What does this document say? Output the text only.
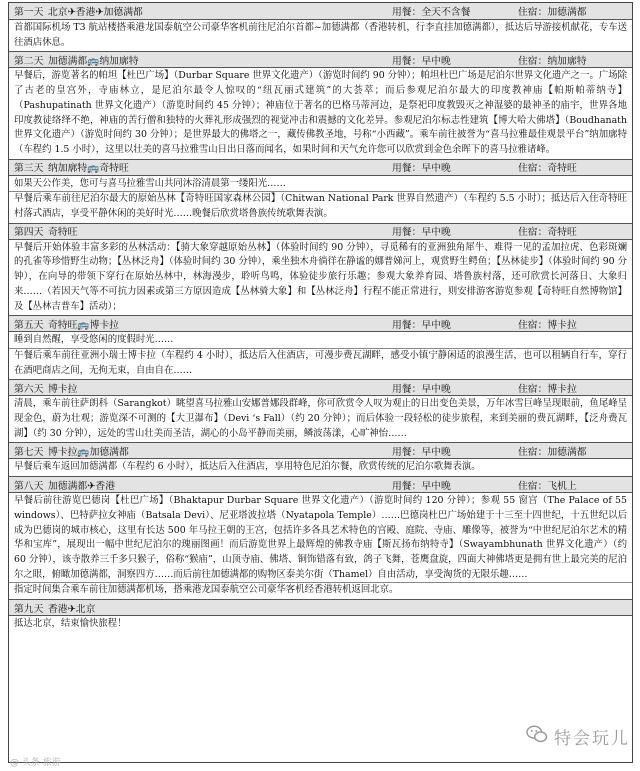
第一天 北京✈香港✈加德满都	用餐：全天不含餐	住宿：加德满都

首都国际机场 T3 航站楼搭乘港龙国泰航空公司豪华客机前往尼泊尔首都~加德满都（香港转机，行李直挂加德满都），抵达后导游接机献花，专车送往酒店休息。

第二天 加德满都🚌纳加廓特	用餐：早中晚	住宿：纳加廓特

早餐后，游览著名的帕坦【杜巴广场】（Durbar Square 世界文化遗产）（游览时间约 90 分钟）；帕坦杜巴广场是尼泊尔世界文化遗产之一。广场除了古老的皇宫外，寺庙林立，是尼泊尔最令人惊叹的“纽瓦丽式建筑”的大荟萃；而后参观尼泊尔最大的印度教神庙【帕斯帕蒂纳寺】（Pashupatinath 世界文化遗产）（游览时间约 45 分钟）；神庙位于著名的巴格马蒂河边，是祭祀印度教毁灭之神湿婆的最神圣的庙宇，世界各地印度教徒络绎不绝，神庙的苦行僧和独特的火葬礼形成强烈的视觉冲击和震撼的文化差异。参观尼泊尔标志性建筑【博大哈大佛塔】（Boudhanath 世界文化遗产）（游览时间约 30 分钟）；是世界最大的佛塔之一，藏传佛教圣地，号称“小西藏”。乘车前往被誉为“喜马拉雅最佳观景平台”纳加廓特（车程约 1.5 小时），这里以壮美的喜马拉雅雪山日出日落而闻名，如果时间和天气允许您可以欣赏到金色余晖下的喜马拉雅诸峰。

第三天 纳加廓特🚌奇特旺	用餐：早中晚	住宿：奇特旺

如果天公作美，您可与喜马拉雅雪山共同沐浴清晨第一缕阳光……

早餐后乘车前往尼泊尔最大的原始丛林【奇特旺国家森林公园】（Chitwan National Park 世界自然遗产）（车程约 5.5 小时）；抵达后入住奇特旺村落式酒店，享受平静休闲的美好时光……晚餐后欣赏塔鲁族传统歌舞表演。

第四天 奇特旺	用餐：早中晚	住宿：奇特旺

早餐后开始体验丰富多彩的丛林活动：【骑大象穿越原始丛林】（体验时间约 90 分钟），寻觅稀有的亚洲独角犀牛、难得一见的孟加拉虎、色彩斑斓的孔雀等珍惜野生动物；【丛林泛舟】（体验时间约 30 分钟），乘坐独木舟徜徉在静谧的娜普娣河上，观赏野生鳄鱼；【丛林徒步】（体验时间约 90 分钟），在向导的带领下穿行在原始丛林中，林海漫步，聆听鸟鸣，体验徒步旅行乐趣；参观大象养育园、塔鲁族村落，还可欣赏长河落日、大象归来……（若因天气等不可抗力因素或第三方原因造成【丛林骑大象】和【丛林泛舟】行程不能正常进行，则安排游客游览参观【奇特旺自然博物馆】及【丛林吉普车】活动）；

第五天 奇特旺🚌博卡拉	用餐：早中晚	住宿：博卡拉

睡到自然醒，享受悠闲的度假时光……

午餐后乘车前往亚洲小瑞士博卡拉（车程约 4 小时），抵达后入住酒店，可漫步费瓦湖畔，感受小镇宁静闲适的浪漫生活，也可以租辆自行车，穿行在酒吧商店之间，无拘无束，自由自在……

第六天 博卡拉	用餐：早中晚	住宿：博卡拉

清晨，乘车前往萨朗科（Sarangkot）眺望喜马拉雅山安娜普娜段群峰，你可欣赏令人叹为观止的日出变色美景，万年冰雪巨峰呈现眼前，鱼尾峰呈现金色，蔚为壮观；游览深不可测的【大卫瀑布】（Devi ‘s Fall）（约 20 分钟）；而后体验一段轻松的徒步旅程，来到美丽的费瓦湖畔，【泛舟费瓦湖】（约 30 分钟），远处的雪山壮美而圣洁，湖心的小岛平静而美丽，鳞波荡漾，心旷神怡……

第七天 博卡拉🚌加德满都	用餐：早中晚	住宿：加德满都

早餐后乘车返回加德满都（车程约 6 小时），抵达后入住酒店，享用特色尼泊尔餐，欣赏传统的尼泊尔歌舞表演。

第八天 加德满都✈香港	用餐：早中晚	住宿：飞机上

早餐后前往游览巴德岗【杜巴广场】（Bhaktapur Durbar Square 世界文化遗产）（游览时间约 120 分钟）；参观 55 窗宫（The Palace of 55 windows）、巴特萨拉女神庙（Batsala Devi）、尼亚塔波拉塔（Nyatapola Temple）……巴德岗杜巴广场始建于十三至十四世纪，十五世纪以后成为巴德岗的城市核心，这里有长达 500 年马拉王朝的王宫，包括许多各具艺术特色的宫殿、庭院、寺庙、雕像等，被誉为“中世纪尼泊尔艺术的精华和宝库”，展现出一幅中世纪尼泊尔的瑰丽图画！而后游览世界上最辉煌的佛教寺庙【斯瓦扬布纳特寺】（Swayambhunath 世界文化遗产）（约 60 分钟），该寺散养三千多只猴子，俗称“猴庙”，山顶寺庙、佛塔、铜饰错落有致，鸽子飞舞，苍鹰盘旋，四面大神佛塔更是拥有世上最完美的尼泊尔之眼，俯瞰加德满都，洞察四方……而后前往加德满都的购物区泰美尔街（Thamel）自由活动，享受淘货的无限乐趣……

指定时间集合乘车前往加德满都机场，搭乘港龙国泰航空公司豪华客机经香港转机返回北京。

第九天 香港✈北京

抵达北京，结束愉快旅程！

特会玩儿
@ 头条 旅游
